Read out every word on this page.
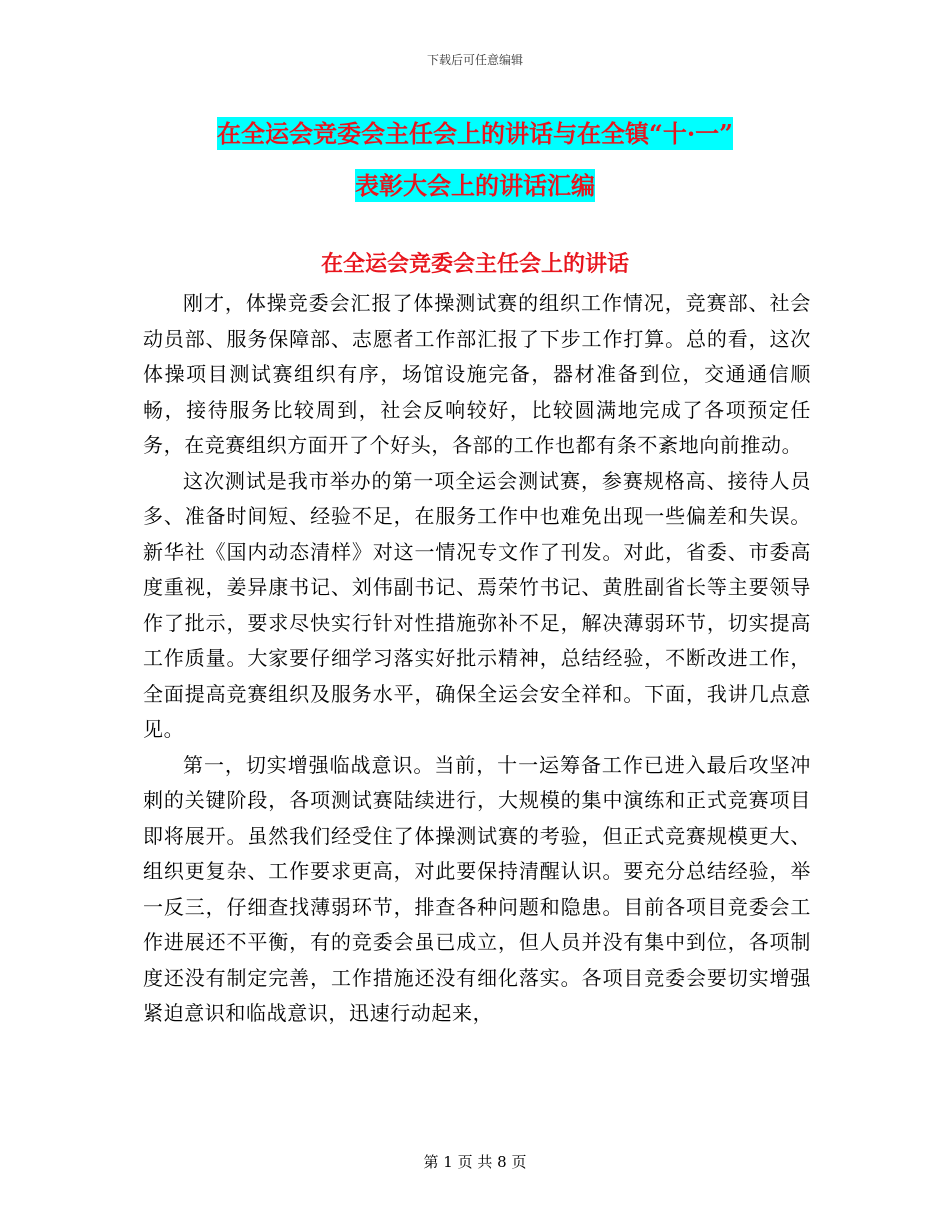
下载后可任意编辑
在全运会竞委会主任会上的讲话与在全镇“十·一”
表彰大会上的讲话汇编
在全运会竞委会主任会上的讲话

刚才，体操竞委会汇报了体操测试赛的组织工作情况，竞赛部、社会动员部、服务保障部、志愿者工作部汇报了下步工作打算。总的看，这次体操项目测试赛组织有序，场馆设施完备，器材准备到位，交通通信顺畅，接待服务比较周到，社会反响较好，比较圆满地完成了各项预定任务，在竞赛组织方面开了个好头，各部的工作也都有条不紊地向前推动。

这次测试是我市举办的第一项全运会测试赛，参赛规格高、接待人员多、准备时间短、经验不足，在服务工作中也难免出现一些偏差和失误。新华社《国内动态清样》对这一情况专文作了刊发。对此，省委、市委高度重视，姜异康书记、刘伟副书记、焉荣竹书记、黄胜副省长等主要领导作了批示，要求尽快实行针对性措施弥补不足，解决薄弱环节，切实提高工作质量。大家要仔细学习落实好批示精神，总结经验，不断改进工作，全面提高竞赛组织及服务水平，确保全运会安全祥和。下面，我讲几点意见。

第一，切实增强临战意识。当前，十一运筹备工作已进入最后攻坚冲刺的关键阶段，各项测试赛陆续进行，大规模的集中演练和正式竞赛项目即将展开。虽然我们经受住了体操测试赛的考验，但正式竞赛规模更大、组织更复杂、工作要求更高，对此要保持清醒认识。要充分总结经验，举一反三，仔细查找薄弱环节，排查各种问题和隐患。目前各项目竞委会工作进展还不平衡，有的竞委会虽已成立，但人员并没有集中到位，各项制度还没有制定完善，工作措施还没有细化落实。各项目竞委会要切实增强紧迫意识和临战意识，迅速行动起来，

第 1 页 共 8 页
